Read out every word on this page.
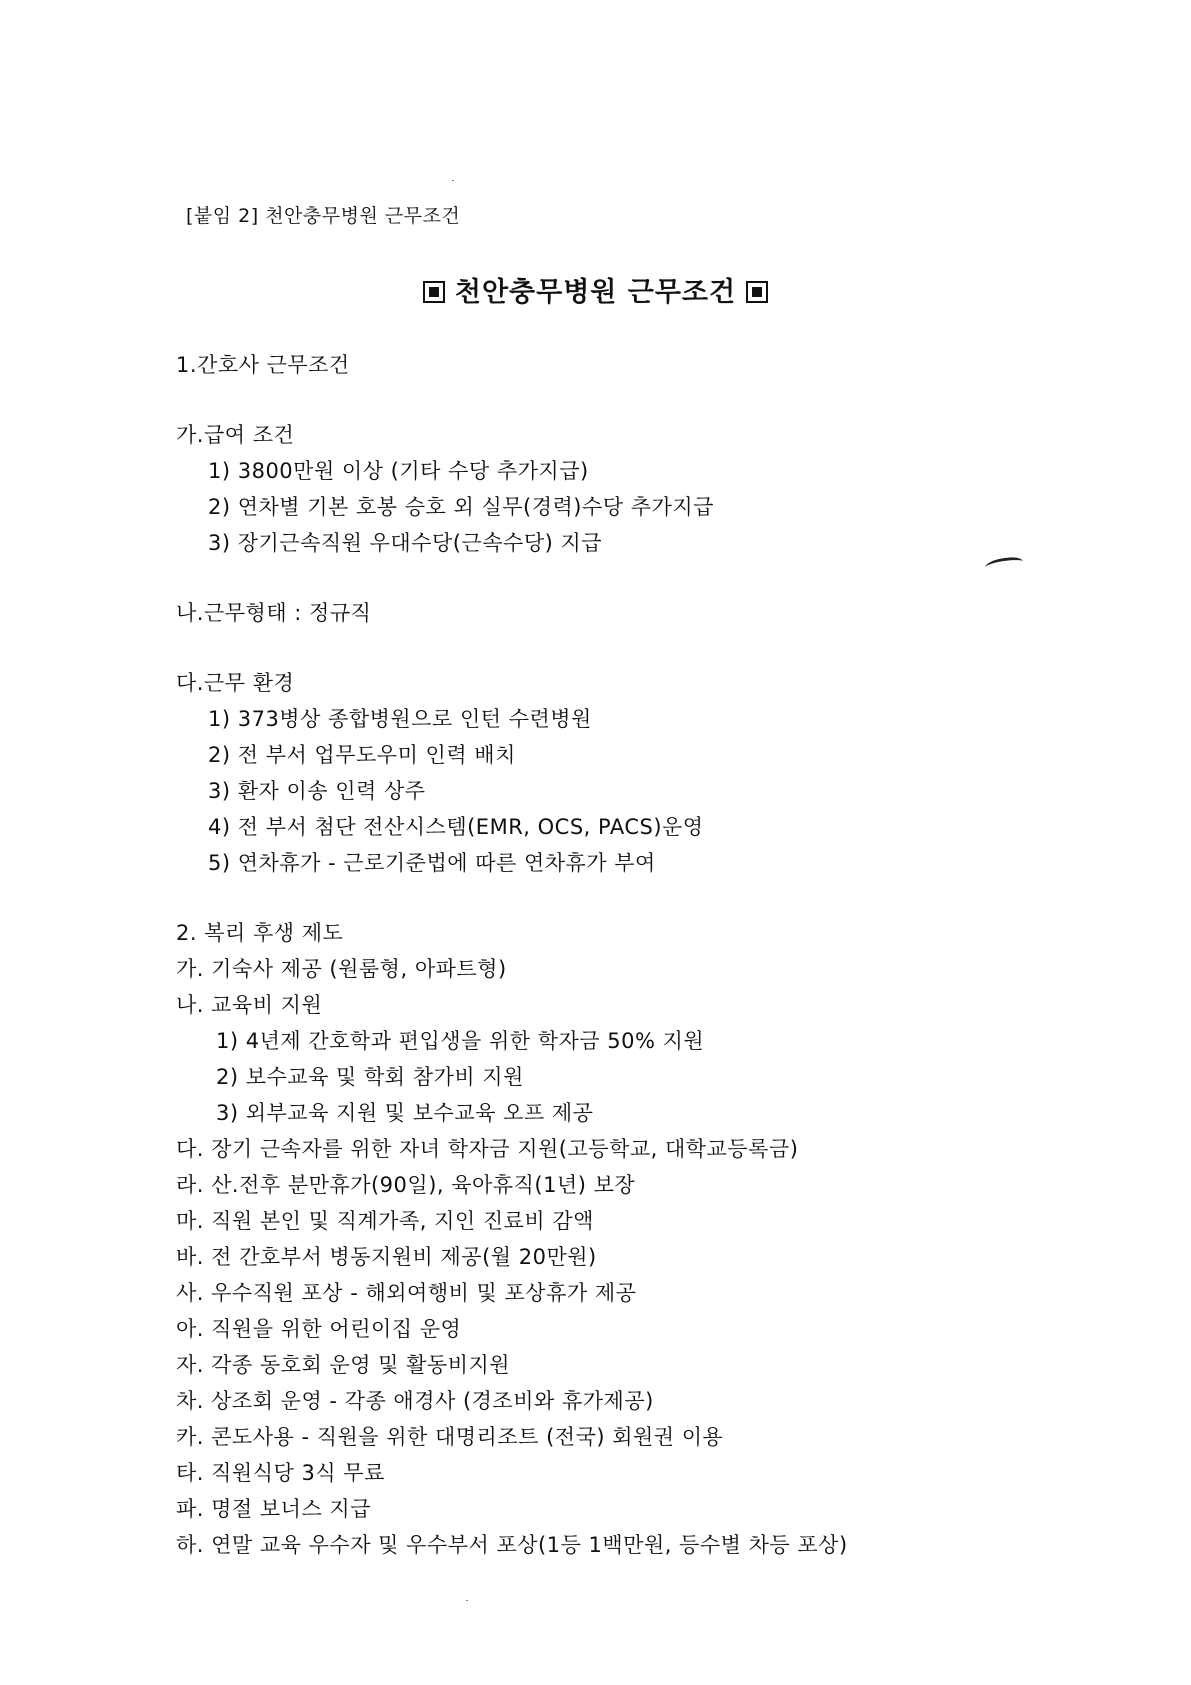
[붙임 2] 천안충무병원 근무조건
천안충무병원 근무조건
1.간호사 근무조건
가.급여 조건
1) 3800만원 이상 (기타 수당 추가지급)
2) 연차별 기본 호봉 승호 외 실무(경력)수당 추가지급
3) 장기근속직원 우대수당(근속수당) 지급
나.근무형태 : 정규직
다.근무 환경
1) 373병상 종합병원으로 인턴 수련병원
2) 전 부서 업무도우미 인력 배치
3) 환자 이송 인력 상주
4) 전 부서 첨단 전산시스템(EMR, OCS, PACS)운영
5) 연차휴가 - 근로기준법에 따른 연차휴가 부여
2. 복리 후생 제도
가. 기숙사 제공 (원룸형, 아파트형)
나. 교육비 지원
1) 4년제 간호학과 편입생을 위한 학자금 50% 지원
2) 보수교육 및 학회 참가비 지원
3) 외부교육 지원 및 보수교육 오프 제공
다. 장기 근속자를 위한 자녀 학자금 지원(고등학교, 대학교등록금)
라. 산.전후 분만휴가(90일), 육아휴직(1년) 보장
마. 직원 본인 및 직계가족, 지인 진료비 감액
바. 전 간호부서 병동지원비 제공(월 20만원)
사. 우수직원 포상 - 해외여행비 및 포상휴가 제공
아. 직원을 위한 어린이집 운영
자. 각종 동호회 운영 및 활동비지원
차. 상조회 운영 - 각종 애경사 (경조비와 휴가제공)
카. 콘도사용 - 직원을 위한 대명리조트 (전국) 회원권 이용
타. 직원식당 3식 무료
파. 명절 보너스 지급
하. 연말 교육 우수자 및 우수부서 포상(1등 1백만원, 등수별 차등 포상)
